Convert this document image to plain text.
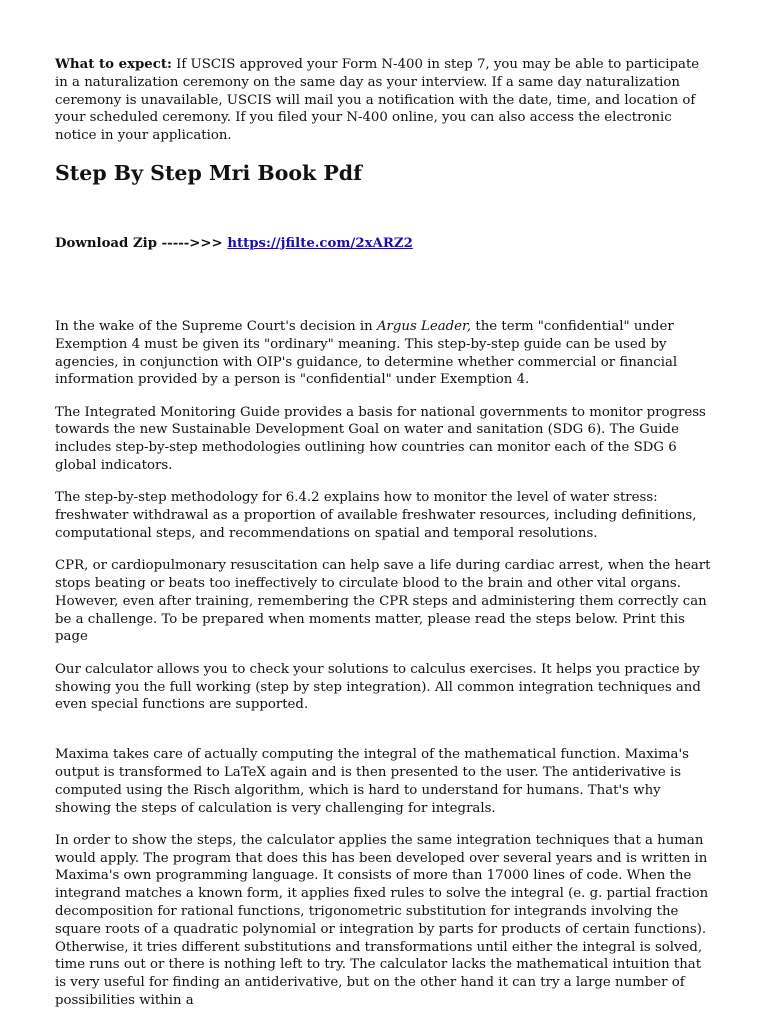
What to expect: If USCIS approved your Form N-400 in step 7, you may be able to participate in a naturalization ceremony on the same day as your interview. If a same day naturalization ceremony is unavailable, USCIS will mail you a notification with the date, time, and location of your scheduled ceremony. If you filed your N-400 online, you can also access the electronic notice in your application.

Step By Step Mri Book Pdf
Download Zip ----->>> https://jfilte.com/2xARZ2

In the wake of the Supreme Court's decision in Argus Leader, the term "confidential" under Exemption 4 must be given its "ordinary" meaning. This step-by-step guide can be used by agencies, in conjunction with OIP's guidance, to determine whether commercial or financial information provided by a person is "confidential" under Exemption 4.

The Integrated Monitoring Guide provides a basis for national governments to monitor progress towards the new Sustainable Development Goal on water and sanitation (SDG 6). The Guide includes step-by-step methodologies outlining how countries can monitor each of the SDG 6 global indicators.

The step-by-step methodology for 6.4.2 explains how to monitor the level of water stress: freshwater withdrawal as a proportion of available freshwater resources, including definitions, computational steps, and recommendations on spatial and temporal resolutions.

CPR, or cardiopulmonary resuscitation can help save a life during cardiac arrest, when the heart stops beating or beats too ineffectively to circulate blood to the brain and other vital organs. However, even after training, remembering the CPR steps and administering them correctly can be a challenge. To be prepared when moments matter, please read the steps below. Print this page

Our calculator allows you to check your solutions to calculus exercises. It helps you practice by showing you the full working (step by step integration). All common integration techniques and even special functions are supported.

Maxima takes care of actually computing the integral of the mathematical function. Maxima's output is transformed to LaTeX again and is then presented to the user. The antiderivative is computed using the Risch algorithm, which is hard to understand for humans. That's why showing the steps of calculation is very challenging for integrals.

In order to show the steps, the calculator applies the same integration techniques that a human would apply. The program that does this has been developed over several years and is written in Maxima's own programming language. It consists of more than 17000 lines of code. When the integrand matches a known form, it applies fixed rules to solve the integral (e. g. partial fraction decomposition for rational functions, trigonometric substitution for integrands involving the square roots of a quadratic polynomial or integration by parts for products of certain functions). Otherwise, it tries different substitutions and transformations until either the integral is solved, time runs out or there is nothing left to try. The calculator lacks the mathematical intuition that is very useful for finding an antiderivative, but on the other hand it can try a large number of possibilities within a
